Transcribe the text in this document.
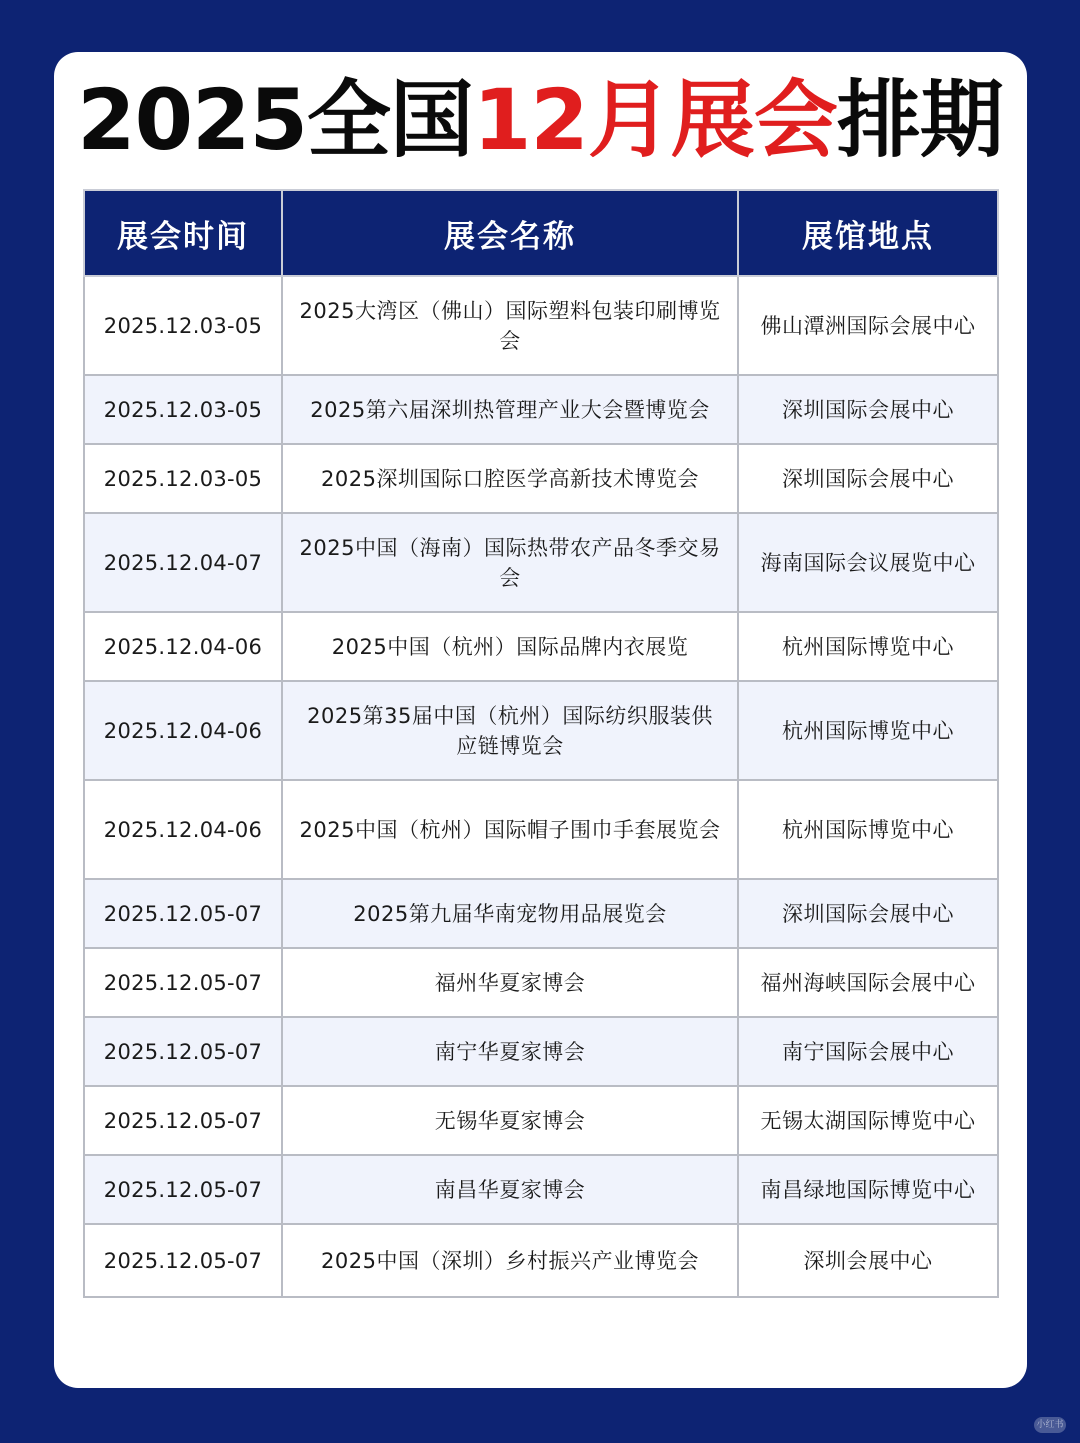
2025全国12月展会排期
展会时间	展会名称	展馆地点
2025.12.03-05	2025大湾区（佛山）国际塑料包装印刷博览会	佛山潭洲国际会展中心
2025.12.03-05	2025第六届深圳热管理产业大会暨博览会	深圳国际会展中心
2025.12.03-05	2025深圳国际口腔医学高新技术博览会	深圳国际会展中心
2025.12.04-07	2025中国（海南）国际热带农产品冬季交易会	海南国际会议展览中心
2025.12.04-06	2025中国（杭州）国际品牌内衣展览	杭州国际博览中心
2025.12.04-06	2025第35届中国（杭州）国际纺织服装供应链博览会	杭州国际博览中心
2025.12.04-06	2025中国（杭州）国际帽子围巾手套展览会	杭州国际博览中心
2025.12.05-07	2025第九届华南宠物用品展览会	深圳国际会展中心
2025.12.05-07	福州华夏家博会	福州海峡国际会展中心
2025.12.05-07	南宁华夏家博会	南宁国际会展中心
2025.12.05-07	无锡华夏家博会	无锡太湖国际博览中心
2025.12.05-07	南昌华夏家博会	南昌绿地国际博览中心
2025.12.05-07	2025中国（深圳）乡村振兴产业博览会	深圳会展中心
小红书
